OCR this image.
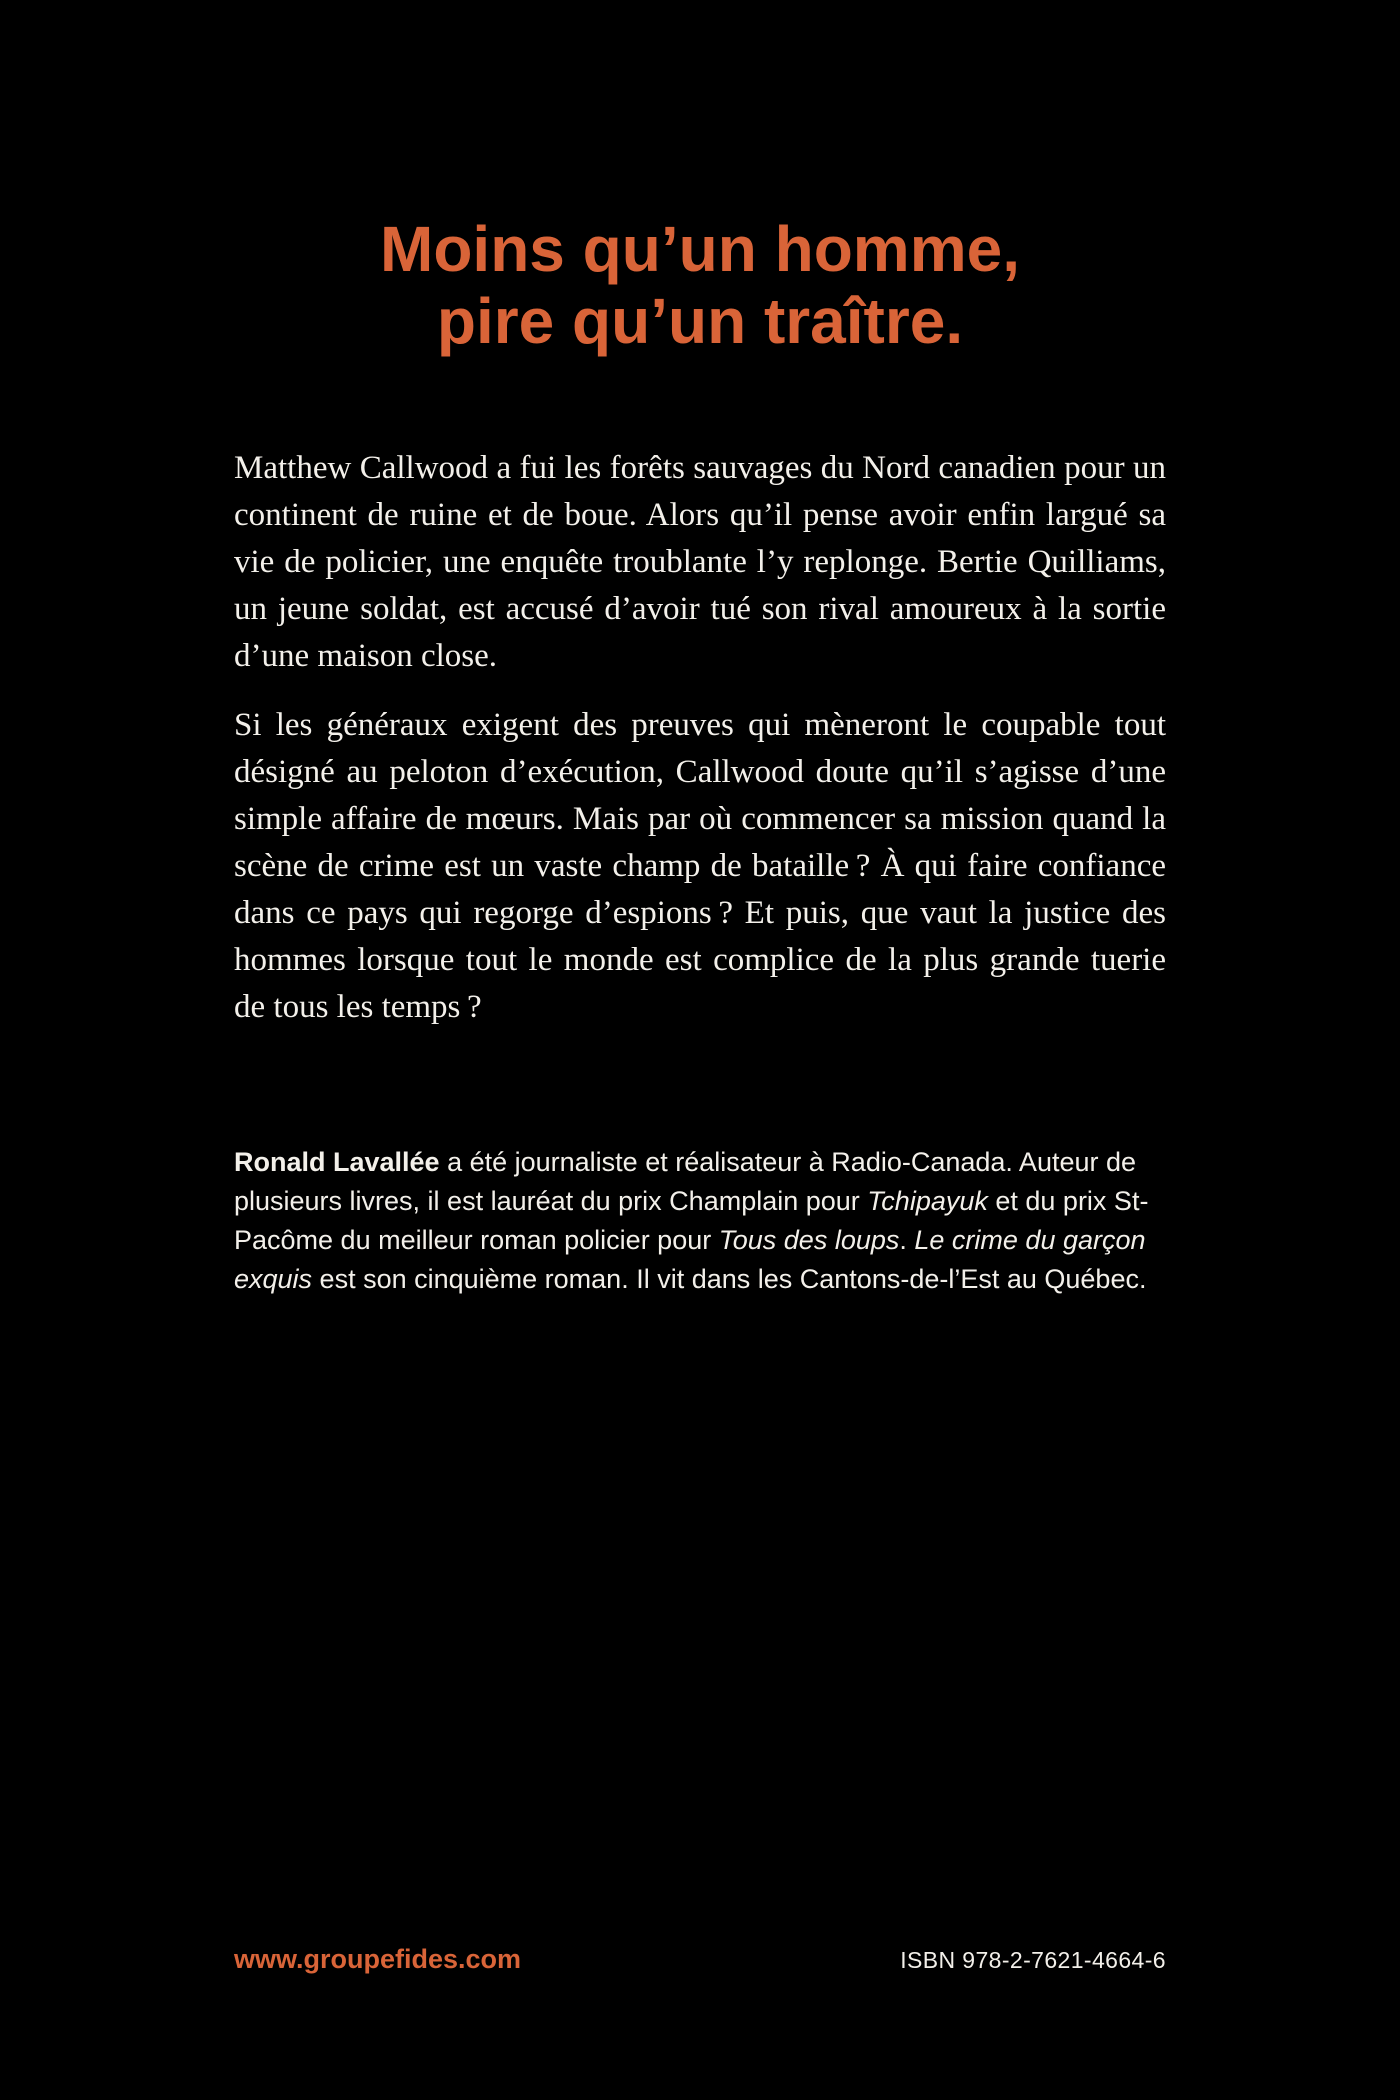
Moins qu’un homme,
pire qu’un traître.

Matthew Callwood a fui les forêts sauvages du Nord canadien pour un continent de ruine et de boue. Alors qu’il pense avoir enfin largué sa vie de policier, une enquête troublante l’y replonge. Bertie Quilliams, un jeune soldat, est accusé d’avoir tué son rival amoureux à la sortie d’une maison close.

Si les généraux exigent des preuves qui mèneront le coupable tout désigné au peloton d’exécution, Callwood doute qu’il s’agisse d’une simple affaire de mœurs. Mais par où commencer sa mission quand la scène de crime est un vaste champ de bataille ? À qui faire confiance dans ce pays qui regorge d’espions ? Et puis, que vaut la justice des hommes lorsque tout le monde est complice de la plus grande tuerie de tous les temps ?

Ronald Lavallée a été journaliste et réalisateur à Radio-Canada. Auteur de plusieurs livres, il est lauréat du prix Champlain pour Tchipayuk et du prix St-Pacôme du meilleur roman policier pour Tous des loups. Le crime du garçon exquis est son cinquième roman. Il vit dans les Cantons-de-l’Est au Québec.

www.groupefides.com	ISBN 978-2-7621-4664-6
